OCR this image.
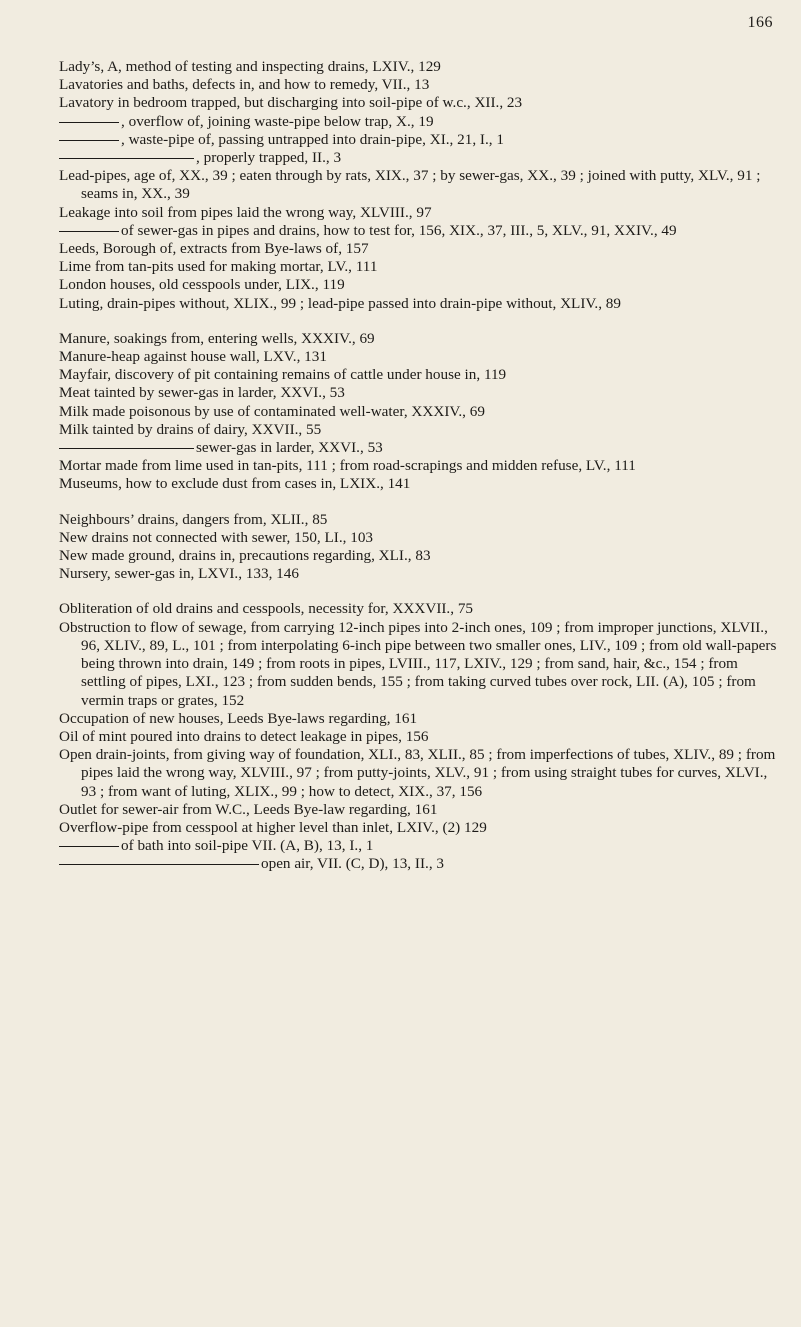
166

Lady’s, A, method of testing and inspecting drains, LXIV., 129

Lavatories and baths, defects in, and how to remedy, VII., 13

Lavatory in bedroom trapped, but discharging into soil-pipe of w.c., XII., 23

, overflow of, joining waste-pipe below trap, X., 19

, waste-pipe of, passing untrapped into drain-pipe, XI., 21, I., 1

, properly trapped, II., 3

Lead-pipes, age of, XX., 39 ; eaten through by rats, XIX., 37 ; by sewer-gas, XX., 39 ; joined with putty, XLV., 91 ; seams in, XX., 39

Leakage into soil from pipes laid the wrong way, XLVIII., 97

of sewer-gas in pipes and drains, how to test for, 156, XIX., 37, III., 5, XLV., 91, XXIV., 49

Leeds, Borough of, extracts from Bye-laws of, 157

Lime from tan-pits used for making mortar, LV., 111

London houses, old cesspools under, LIX., 119

Luting, drain-pipes without, XLIX., 99 ; lead-pipe passed into drain-pipe without, XLIV., 89

Manure, soakings from, entering wells, XXXIV., 69

Manure-heap against house wall, LXV., 131

Mayfair, discovery of pit containing remains of cattle under house in, 119

Meat tainted by sewer-gas in larder, XXVI., 53

Milk made poisonous by use of contaminated well-water, XXXIV., 69

Milk tainted by drains of dairy, XXVII., 55

sewer-gas in larder, XXVI., 53

Mortar made from lime used in tan-pits, 111 ; from road-scrapings and midden refuse, LV., 111

Museums, how to exclude dust from cases in, LXIX., 141

Neighbours’ drains, dangers from, XLII., 85

New drains not connected with sewer, 150, LI., 103

New made ground, drains in, precautions regarding, XLI., 83

Nursery, sewer-gas in, LXVI., 133, 146

Obliteration of old drains and cesspools, necessity for, XXXVII., 75

Obstruction to flow of sewage, from carrying 12-inch pipes into 2-inch ones, 109 ; from improper junctions, XLVII., 96, XLIV., 89, L., 101 ; from interpolating 6-inch pipe between two smaller ones, LIV., 109 ; from old wall-papers being thrown into drain, 149 ; from roots in pipes, LVIII., 117, LXIV., 129 ; from sand, hair, &c., 154 ; from settling of pipes, LXI., 123 ; from sudden bends, 155 ; from taking curved tubes over rock, LII. (A), 105 ; from vermin traps or grates, 152

Occupation of new houses, Leeds Bye-laws regarding, 161

Oil of mint poured into drains to detect leakage in pipes, 156

Open drain-joints, from giving way of foundation, XLI., 83, XLII., 85 ; from imperfections of tubes, XLIV., 89 ; from pipes laid the wrong way, XLVIII., 97 ; from putty-joints, XLV., 91 ; from using straight tubes for curves, XLVI., 93 ; from want of luting, XLIX., 99 ; how to detect, XIX., 37, 156

Outlet for sewer-air from W.C., Leeds Bye-law regarding, 161

Overflow-pipe from cesspool at higher level than inlet, LXIV., (2) 129

of bath into soil-pipe VII. (A, B), 13, I., 1

open air, VII. (C, D), 13, II., 3
